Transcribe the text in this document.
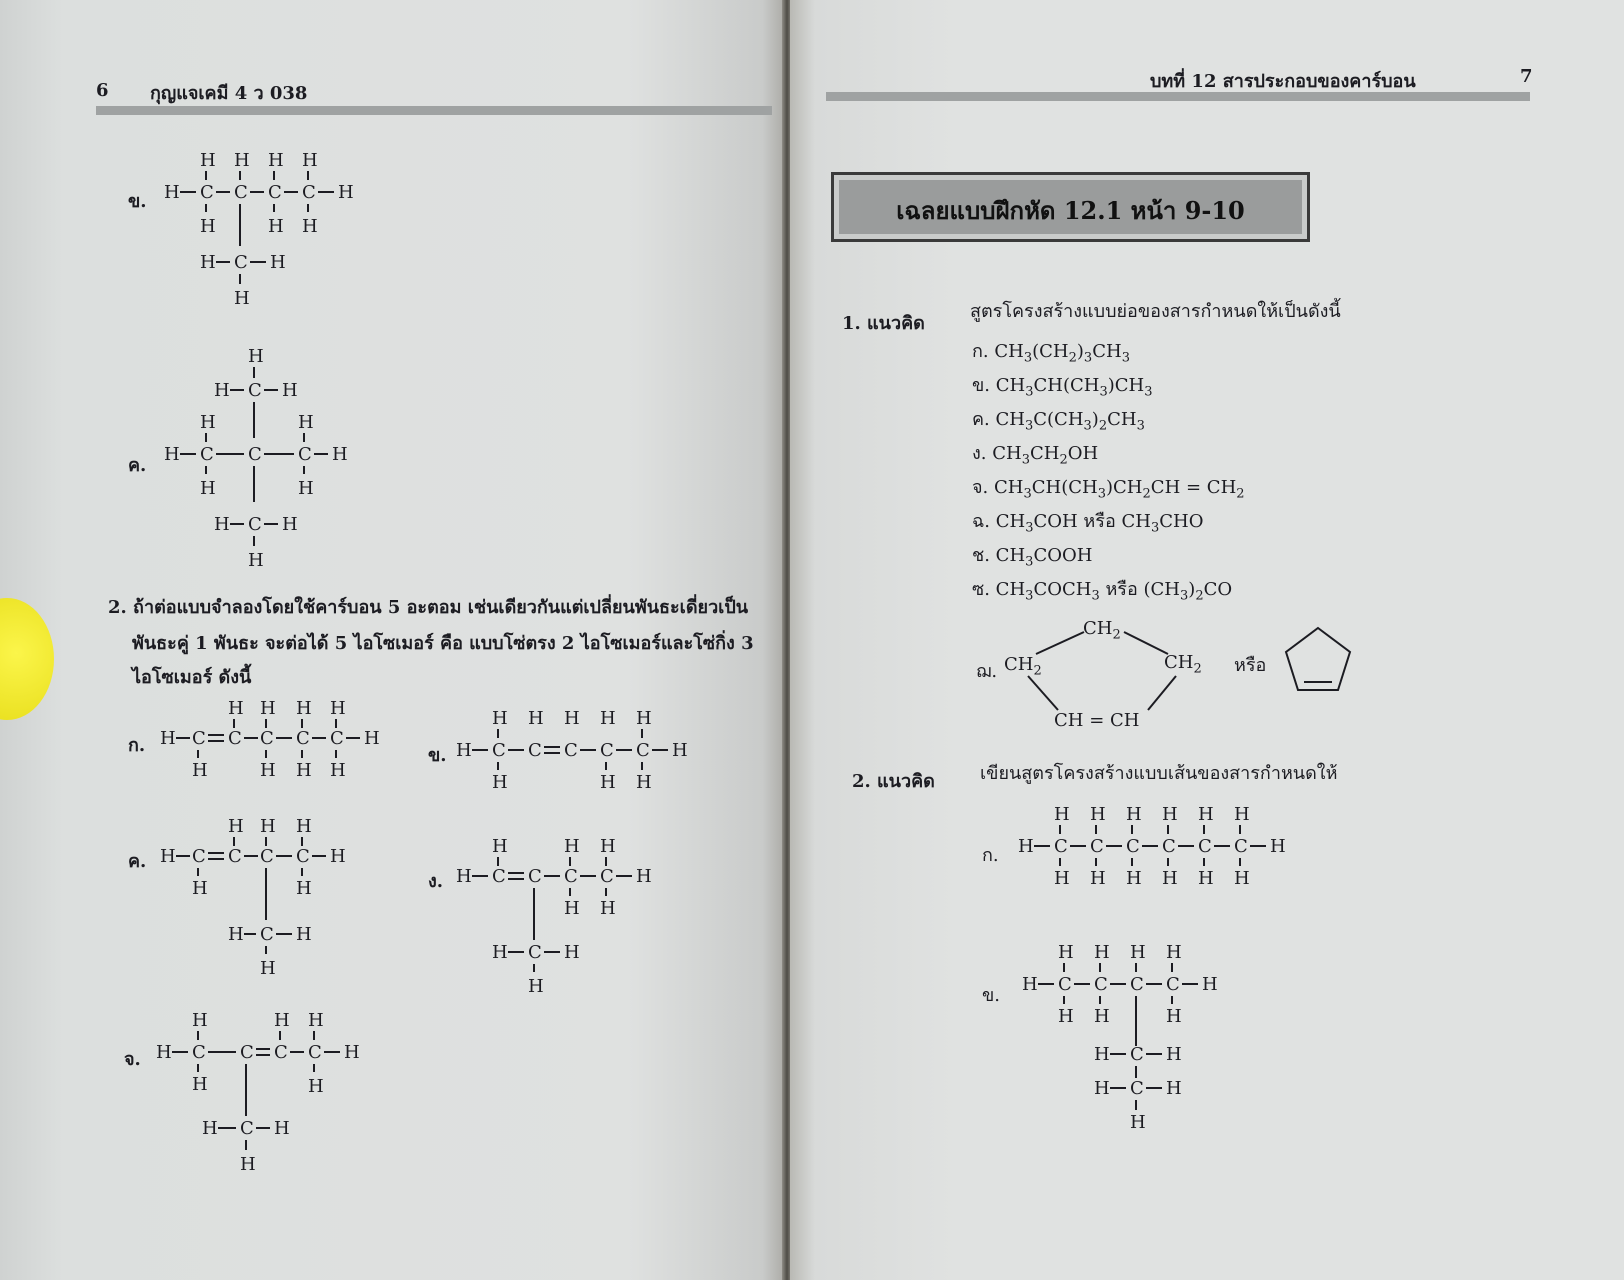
6 กุญแจเคมี 4 ว 038
ข.
H H H H
H C C C C H
H	H H
H C H
H
ค.
H
H C H
H	H
H C C C H
H	H
H C H
H
2. ถ้าต่อแบบจำลองโดยใช้คาร์บอน 5 อะตอม เช่นเดียวกันแต่เปลี่ยนพันธะเดี่ยวเป็น
พันธะคู่ 1 พันธะ จะต่อได้ 5 ไอโซเมอร์ คือ แบบโซ่ตรง 2 ไอโซเมอร์และโซ่กิ่ง 3
ไอโซเมอร์ ดังนี้
ก.
H H H H
H C C C C C H
H	H H H
ข.
H H H H H
H C C C C C H
H	H H
ค.
H H H
H C C C C H
H	H
H C H
H
ง.
H	H H
H C C C C H
H H
H C H
H
จ.
H	H H
H C C C C H
H	H
H C H
H
บทที่ 12 สารประกอบของคาร์บอน	7
เฉลยแบบฝึกหัด 12.1 หน้า 9-10
1. แนวคิด
สูตรโครงสร้างแบบย่อของสารกำหนดให้เป็นดังนี้
ก. $CH_3(CH_2)_3CH_3$
ข. $CH_3CH(CH_3)CH_3$
ค. $CH_3C(CH_3)_2CH_3$
ง. $CH_3CH_2OH$
จ. $CH_3CH(CH_3)CH_2CH = CH_2$
ฉ. $CH_3COH$ หรือ $CH_3CHO$
ช. $CH_3COOH$
ซ. $CH_3COCH_3$ หรือ $(CH_3)_2CO$
ฌ.
$CH_2$
$CH_2$	$CH_2$
CH = CH
หรือ
2. แนวคิด	เขียนสูตรโครงสร้างแบบเส้นของสารกำหนดให้
ก.
H H H H H H
H C C C C C C H
H H H H H H
ข.
H H H H
H C C C C H
H H	H
H C H
H C H
H
